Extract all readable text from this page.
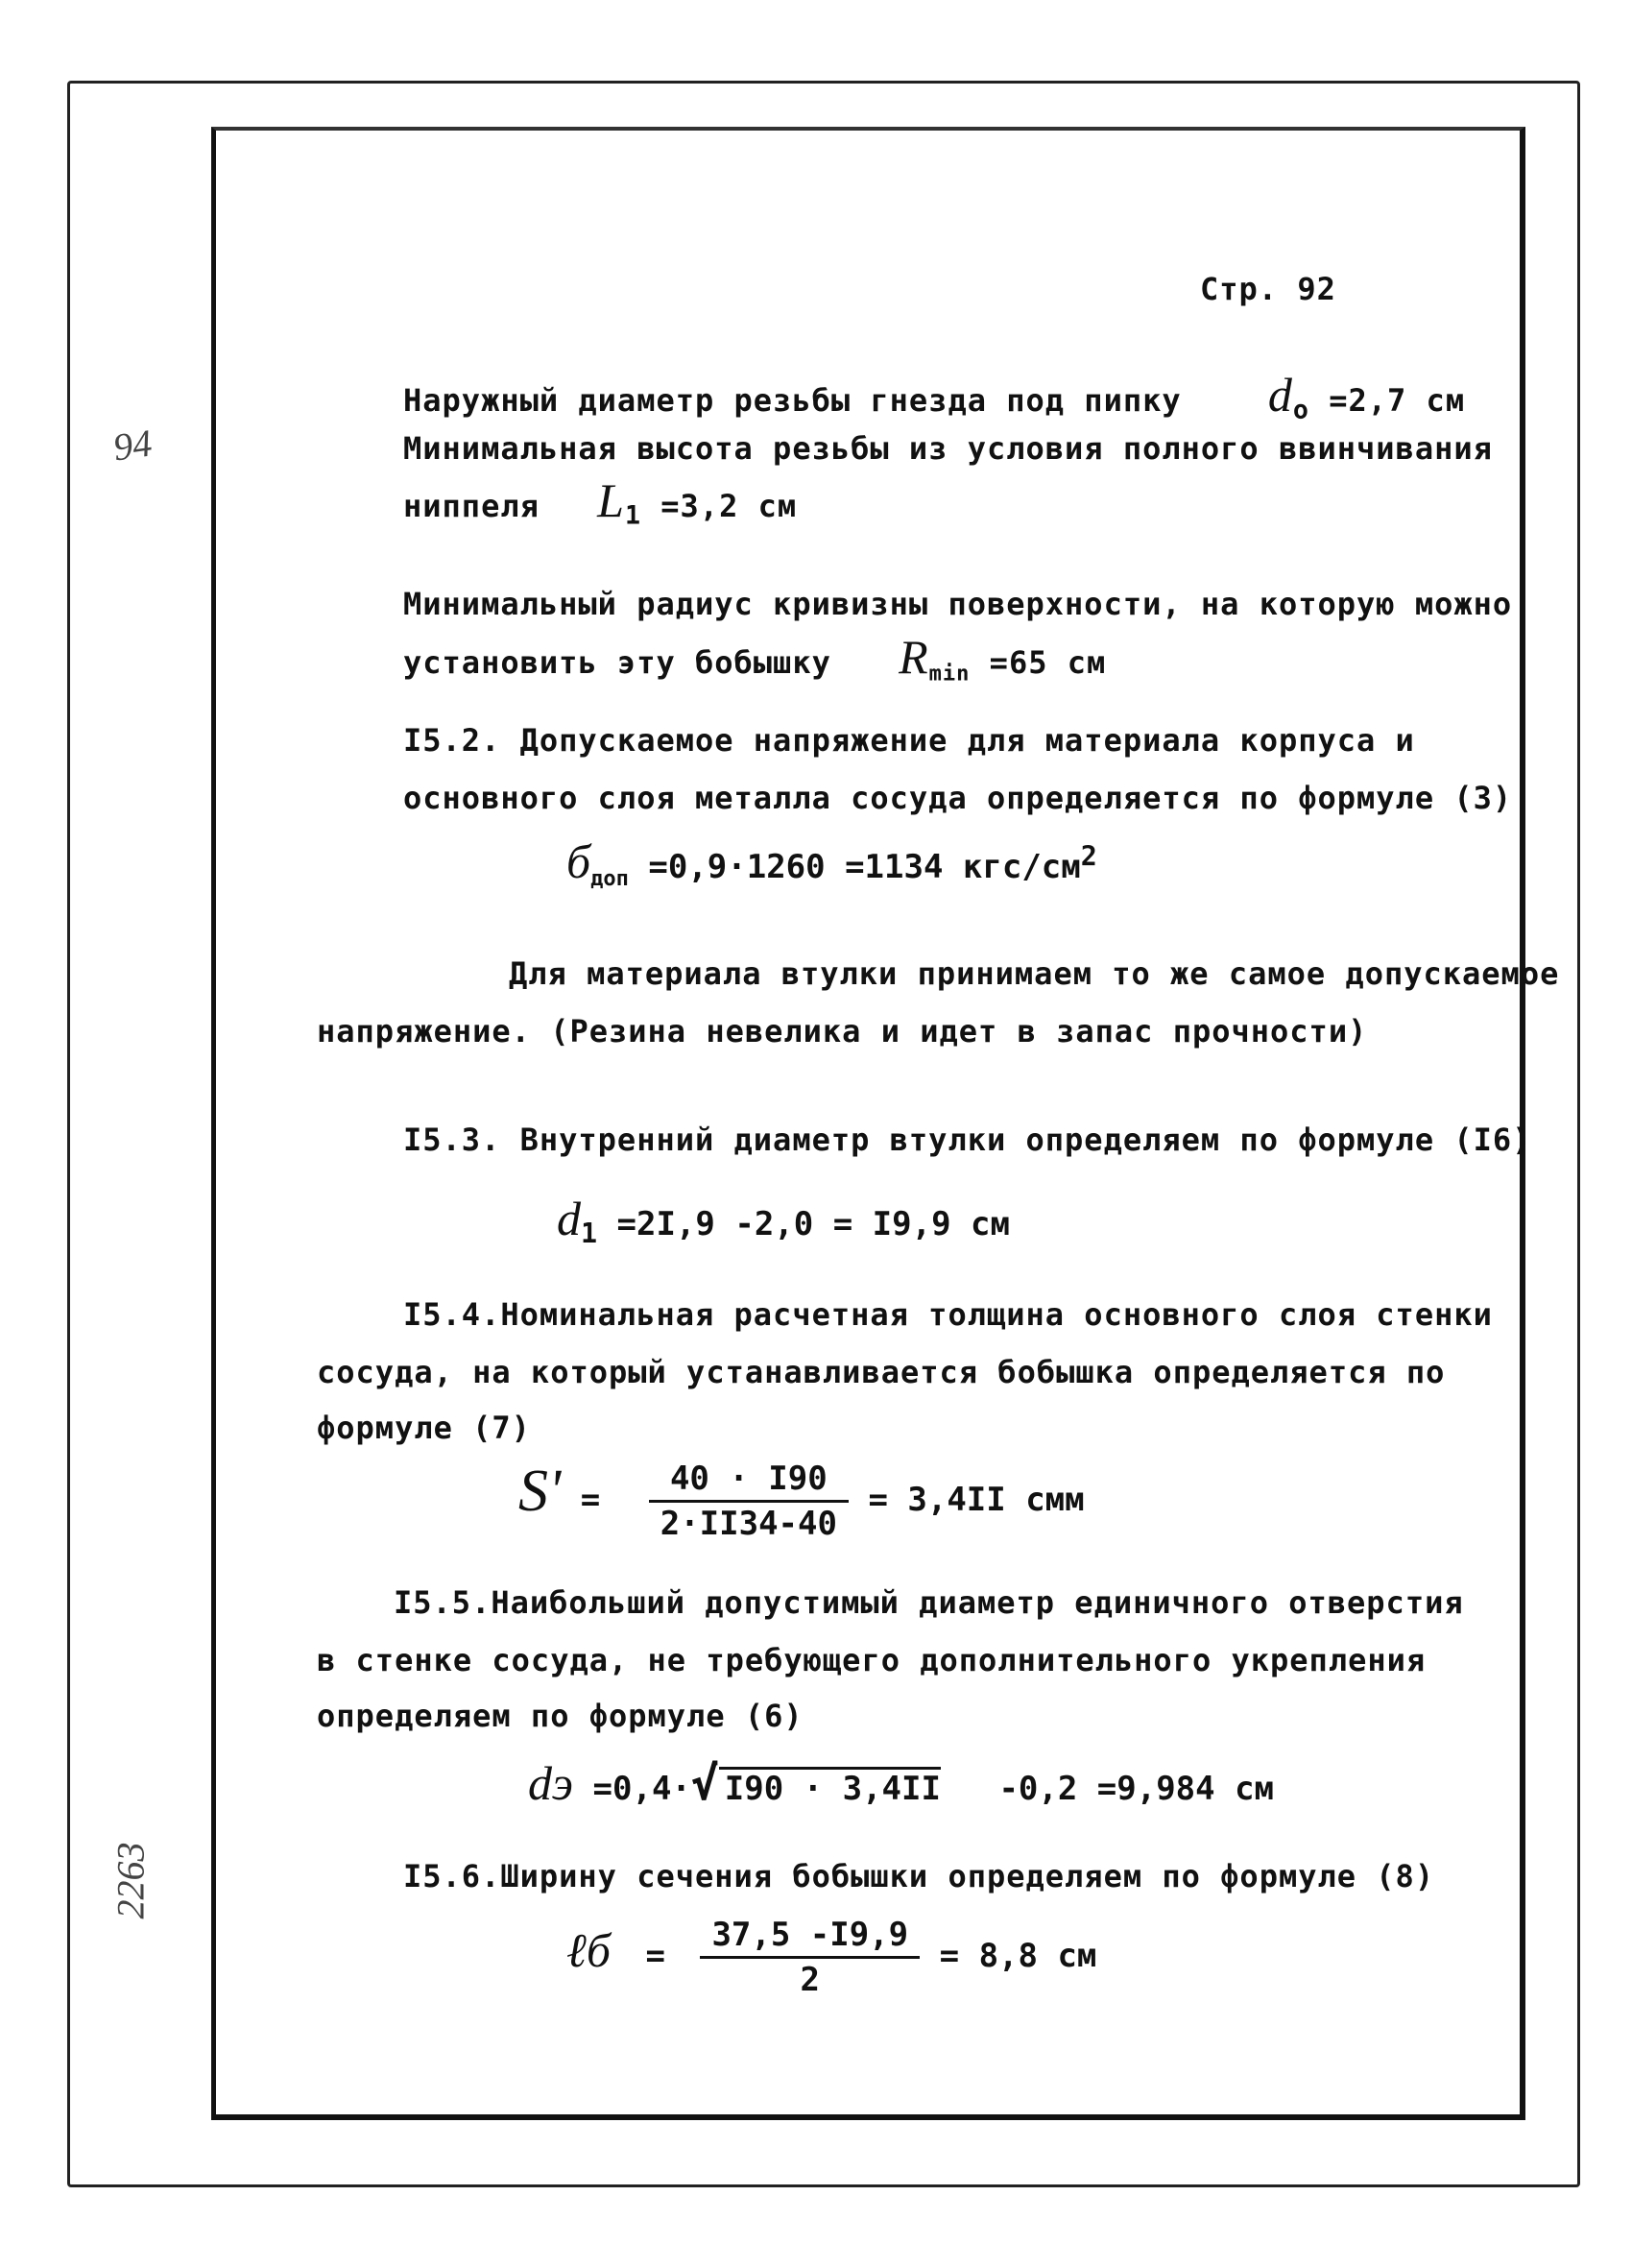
94
2263
Стр. 92
Наружный диаметр резьбы гнезда под пипку $d_o =2,7$ см
Минимальная высота резьбы из условия полного ввинчивания
ниппеля $L_1 =3,2$ см
Минимальный радиус кривизны поверхности, на которую можно
установить эту бобышку $R_{min} =65$ см
I5.2. Допускаемое напряжение для материала корпуса и
основного слоя металла сосуда определяется по формуле (3)
$б_{доп} =0,9\cdot 1260 =1134$ кгс/$см^2$
Для материала втулки принимаем то же самое допускаемое
напряжение. (Резина невелика и идет в запас прочности)
I5.3. Внутренний диаметр втулки определяем по формуле (I6)
$d_1 =2I,9$ -2,0 = I9,9 см
I5.4.Номинальная расчетная толщина основного слоя стенки
сосуда, на который устанавливается бобышка определяется по
формуле (7)
$S' = \frac{40 \cdot I90}{2\cdot II34-40} = 3,4II$ смм
I5.5.Наибольший допустимый диаметр единичного отверстия
в стенке сосуда, не требующего дополнительного укрепления
определяем по формуле (6)
dэ =0,4·√ I90 · 3,4II -0,2 =9,984 см
I5.6.Ширину сечения бобышки определяем по формуле (8)
ℓб = $\frac{37,5 -I9,9}{2} = 8,8$ см
